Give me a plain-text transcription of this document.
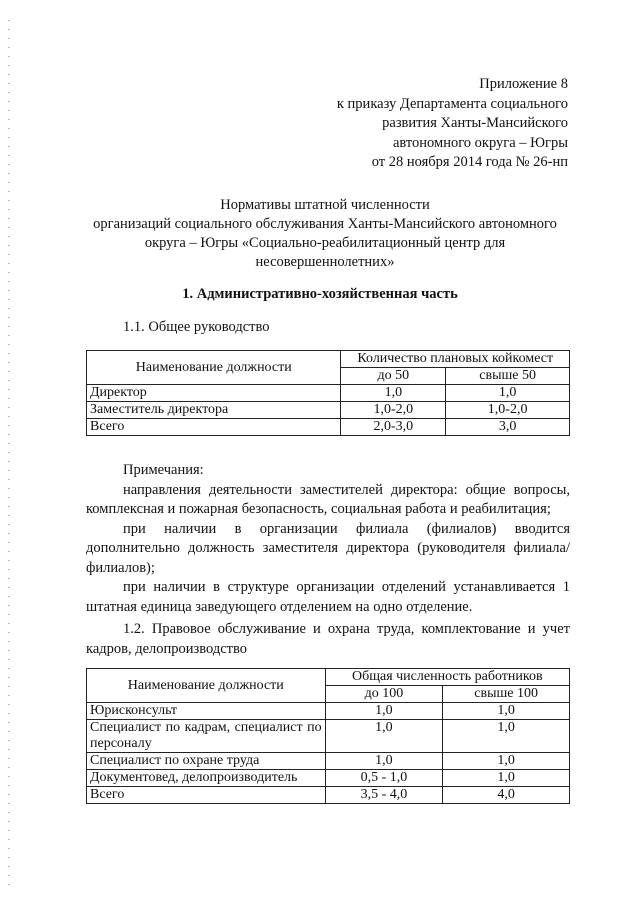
Приложение 8
к приказу Департамента социального
развития Ханты-Мансийского
автономного округа – Югры
от 28 ноября 2014 года № 26-нп
Нормативы штатной численности
организаций социального обслуживания Ханты-Мансийского автономного
округа – Югры «Социально-реабилитационный центр для
несовершеннолетних»
1. Административно-хозяйственная часть
1.1. Общее руководство
Наименование должности	Количество плановых койкомест	
	до 50	свыше 50
Директор	1,0	1,0
Заместитель директора	1,0-2,0	1,0-2,0
Всего	2,0-3,0	3,0

Примечания:

направления деятельности заместителей директора: общие вопросы, комплексная и пожарная безопасность, социальная работа и реабилитация;

при наличии в организации филиала (филиалов) вводится дополнительно должность заместителя директора (руководителя филиала/ филиалов);

при наличии в структуре организации отделений устанавливается 1 штатная единица заведующего отделением на одно отделение.

1.2. Правовое обслуживание и охрана труда, комплектование и учет кадров, делопроизводство

Наименование должности	Общая численность работников	
	до 100	свыше 100
Юрисконсульт	1,0	1,0
Специалист по кадрам, специалист по персоналу	1,0	1,0
Специалист по охране труда	1,0	1,0
Документовед, делопроизводитель	0,5 - 1,0	1,0
Всего	3,5 - 4,0	4,0
